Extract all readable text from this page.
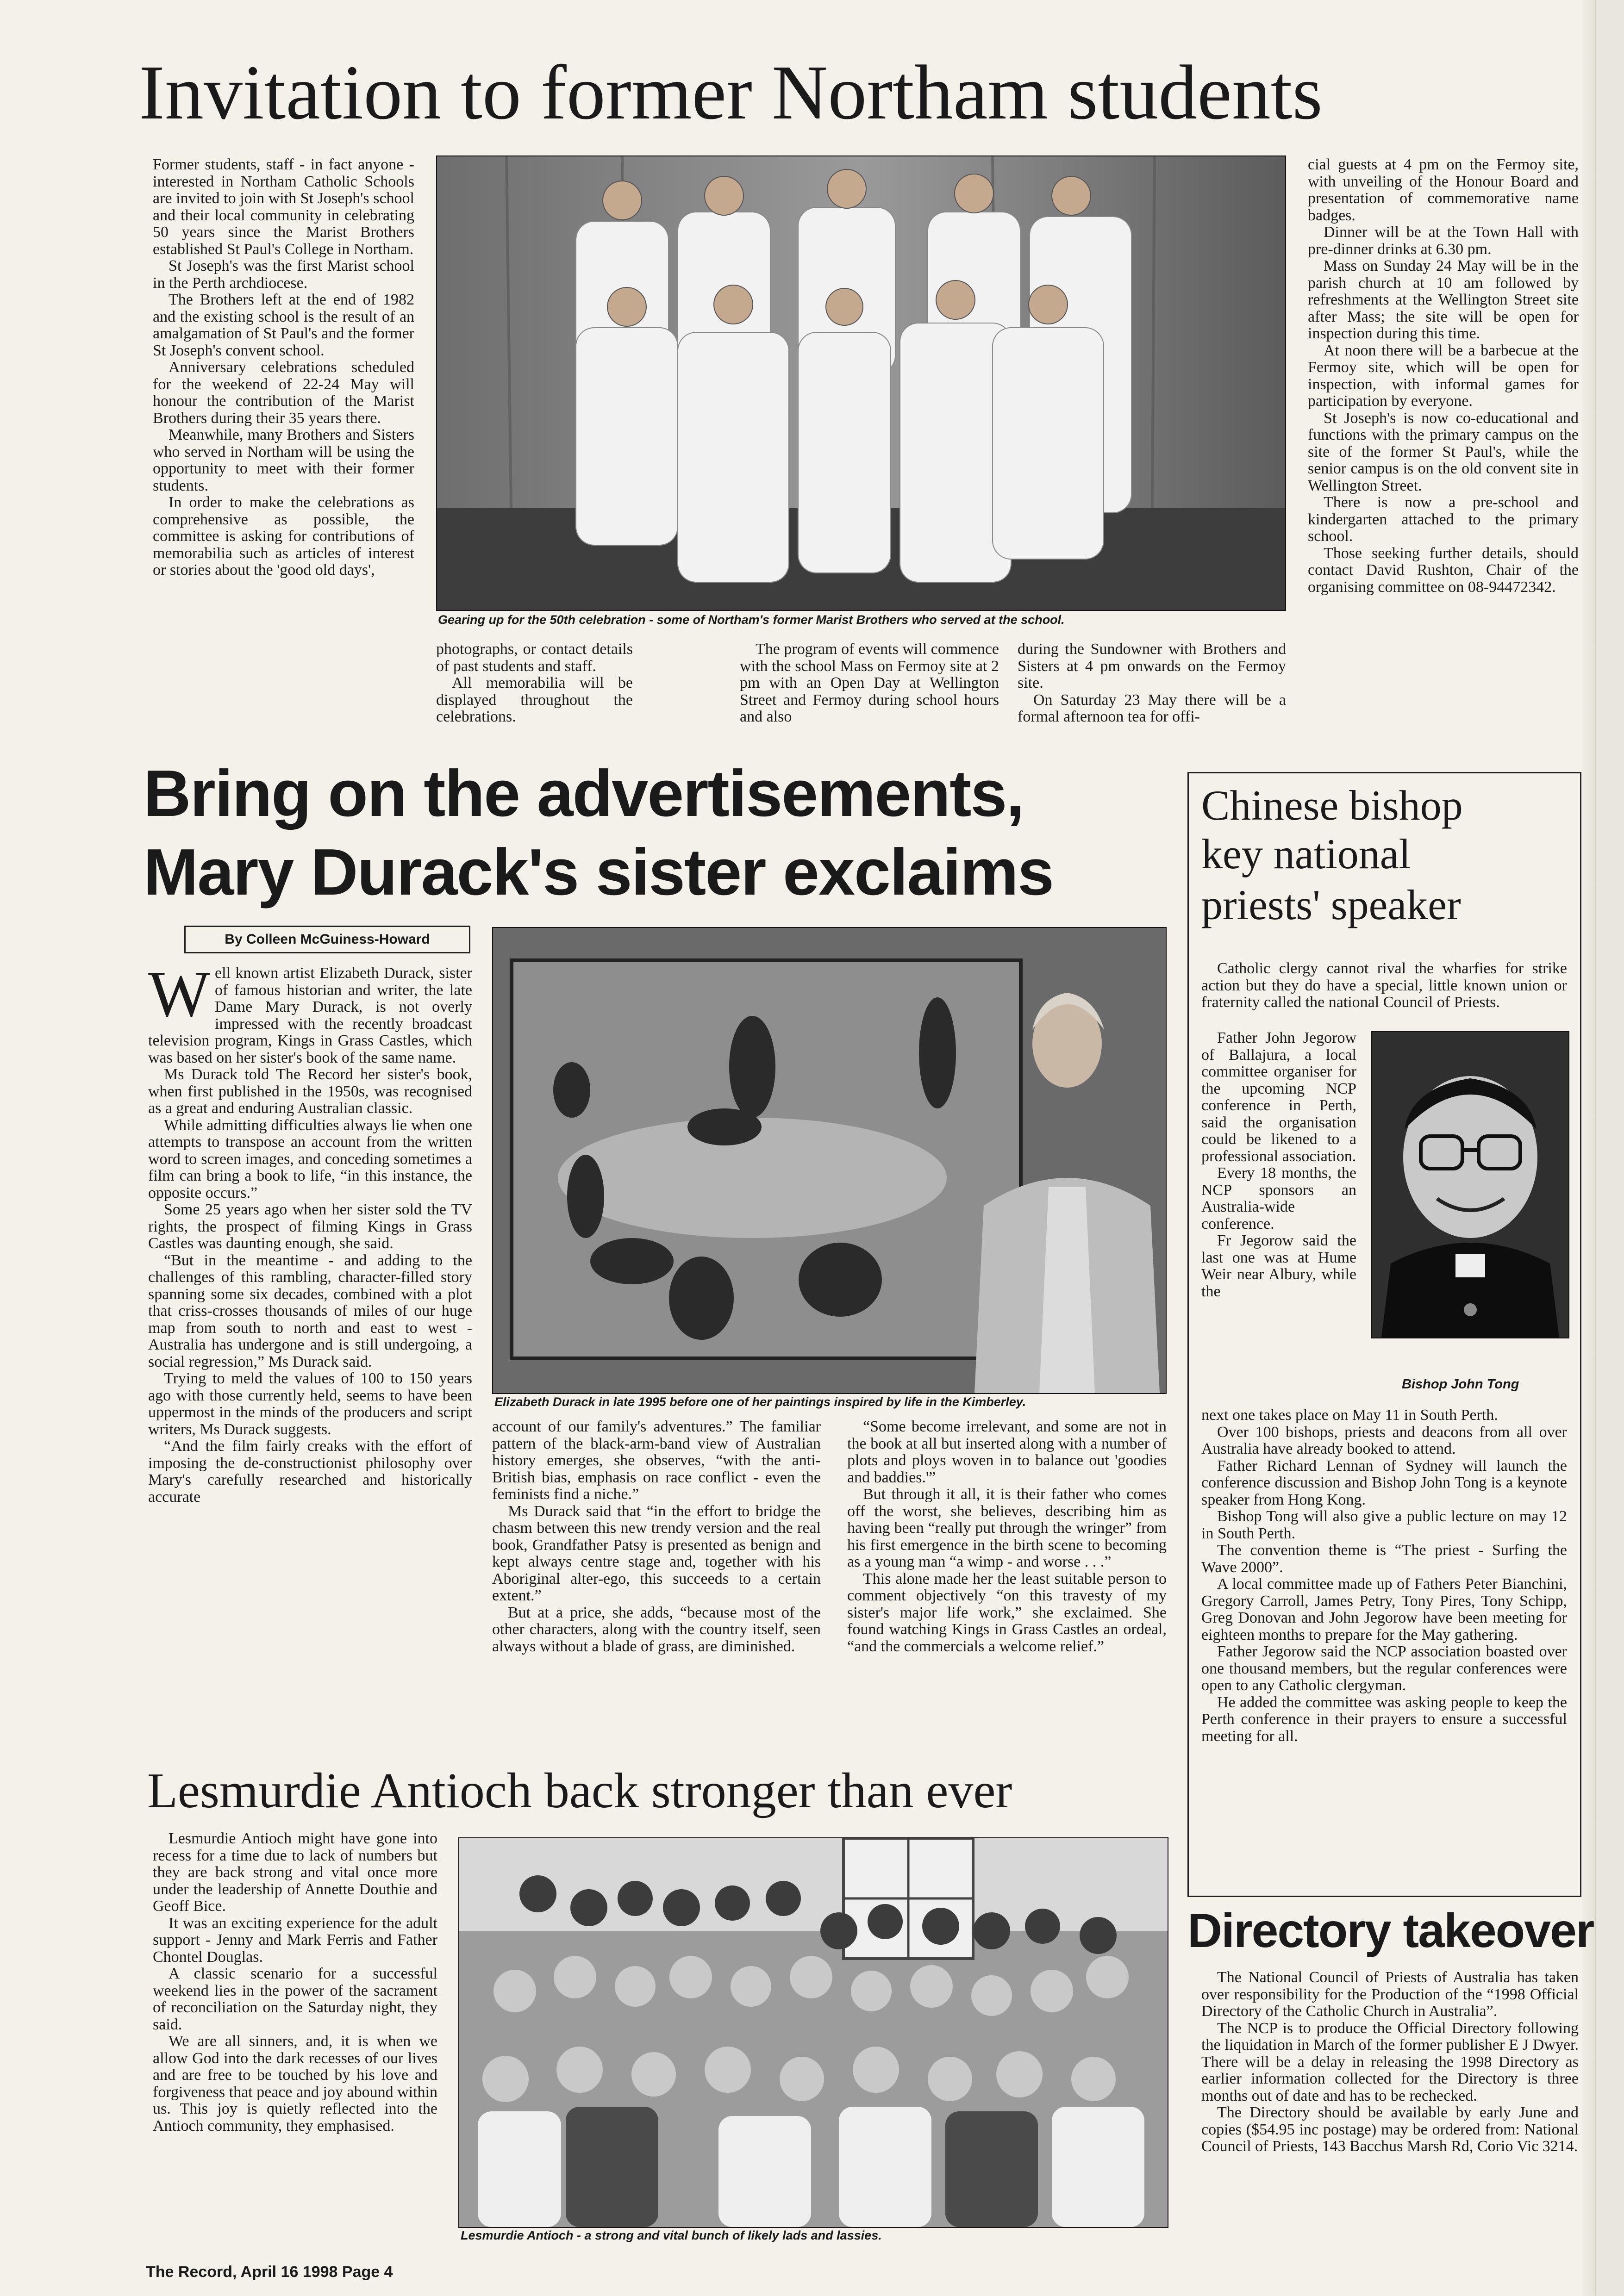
Invitation to former Northam students

Former students, staff - in fact anyone - interested in Northam Catholic Schools are invited to join with St Joseph's school and their local community in celebrating 50 years since the Marist Brothers established St Paul's College in Northam.

St Joseph's was the first Marist school in the Perth archdiocese.

The Brothers left at the end of 1982 and the existing school is the result of an amalgamation of St Paul's and the former St Joseph's convent school.

Anniversary celebrations scheduled for the weekend of 22-24 May will honour the contribution of the Marist Brothers during their 35 years there.

Meanwhile, many Brothers and Sisters who served in Northam will be using the opportunity to meet with their former students.

In order to make the celebrations as comprehensive as possible, the committee is asking for contributions of memorabilia such as articles of interest or stories about the 'good old days',

Gearing up for the 50th celebration - some of Northam's former Marist Brothers who served at the school.

photographs, or contact details of past students and staff.

All memorabilia will be displayed throughout the celebrations.

The program of events will commence with the school Mass on Fermoy site at 2 pm with an Open Day at Wellington Street and Fermoy during school hours and also

during the Sundowner with Brothers and Sisters at 4 pm onwards on the Fermoy site.

On Saturday 23 May there will be a formal afternoon tea for offi-

cial guests at 4 pm on the Fermoy site, with unveiling of the Honour Board and presentation of commemorative name badges.

Dinner will be at the Town Hall with pre-dinner drinks at 6.30 pm.

Mass on Sunday 24 May will be in the parish church at 10 am followed by refreshments at the Wellington Street site after Mass; the site will be open for inspection during this time.

At noon there will be a barbecue at the Fermoy site, which will be open for inspection, with informal games for participation by everyone.

St Joseph's is now co-educational and functions with the primary campus on the site of the former St Paul's, while the senior campus is on the old convent site in Wellington Street.

There is now a pre-school and kindergarten attached to the primary school.

Those seeking further details, should contact David Rushton, Chair of the organising committee on 08-94472342.

Bring on the advertisements,
Mary Durack's sister exclaims
By Colleen McGuiness-Howard
W ell known artist Elizabeth Durack, sister of famous historian and writer, the late Dame Mary Durack, is not overly impressed with the recently broadcast television program, Kings in Grass Castles, which was based on her sister's book of the same name.

Ms Durack told The Record her sister's book, when first published in the 1950s, was recognised as a great and enduring Australian classic.

While admitting difficulties always lie when one attempts to transpose an account from the written word to screen images, and conceding sometimes a film can bring a book to life, “in this instance, the opposite occurs.”

Some 25 years ago when her sister sold the TV rights, the prospect of filming Kings in Grass Castles was daunting enough, she said.

“But in the meantime - and adding to the challenges of this rambling, character-filled story spanning some six decades, combined with a plot that criss-crosses thousands of miles of our huge map from south to north and east to west - Australia has undergone and is still undergoing, a social regression,” Ms Durack said.

Trying to meld the values of 100 to 150 years ago with those currently held, seems to have been uppermost in the minds of the producers and script writers, Ms Durack suggests.

“And the film fairly creaks with the effort of imposing the de-constructionist philosophy over Mary's carefully researched and historically accurate

Elizabeth Durack in late 1995 before one of her paintings inspired by life in the Kimberley.

account of our family's adventures.” The familiar pattern of the black-arm-band view of Australian history emerges, she observes, “with the anti-British bias, emphasis on race conflict - even the feminists find a niche.”

Ms Durack said that “in the effort to bridge the chasm between this new trendy version and the real book, Grandfather Patsy is presented as benign and kept always centre stage and, together with his Aboriginal alter-ego, this succeeds to a certain extent.”

But at a price, she adds, “because most of the other characters, along with the country itself, seen always without a blade of grass, are diminished.

“Some become irrelevant, and some are not in the book at all but inserted along with a number of plots and ploys woven in to balance out 'goodies and baddies.'”

But through it all, it is their father who comes off the worst, she believes, describing him as having been “really put through the wringer” from his first emergence in the birth scene to becoming as a young man “a wimp - and worse . . .”

This alone made her the least suitable person to comment objectively “on this travesty of my sister's major life work,” she exclaimed. She found watching Kings in Grass Castles an ordeal, “and the commercials a welcome relief.”

Chinese bishop
key national
priests' speaker

Catholic clergy cannot rival the wharfies for strike action but they do have a special, little known union or fraternity called the national Council of Priests.

Father John Jegorow of Ballajura, a local committee organiser for the upcoming NCP conference in Perth, said the organisation could be likened to a professional association.

Every 18 months, the NCP sponsors an Australia-wide conference.

Fr Jegorow said the last one was at Hume Weir near Albury, while the

Bishop John Tong

next one takes place on May 11 in South Perth.

Over 100 bishops, priests and deacons from all over Australia have already booked to attend.

Father Richard Lennan of Sydney will launch the conference discussion and Bishop John Tong is a keynote speaker from Hong Kong.

Bishop Tong will also give a public lecture on may 12 in South Perth.

The convention theme is “The priest - Surfing the Wave 2000”.

A local committee made up of Fathers Peter Bianchini, Gregory Carroll, James Petry, Tony Pires, Tony Schipp, Greg Donovan and John Jegorow have been meeting for eighteen months to prepare for the May gathering.

Father Jegorow said the NCP association boasted over one thousand members, but the regular conferences were open to any Catholic clergyman.

He added the committee was asking people to keep the Perth conference in their prayers to ensure a successful meeting for all.

Lesmurdie Antioch back stronger than ever

Lesmurdie Antioch might have gone into recess for a time due to lack of numbers but they are back strong and vital once more under the leadership of Annette Douthie and Geoff Bice.

It was an exciting experience for the adult support - Jenny and Mark Ferris and Father Chontel Douglas.

A classic scenario for a successful weekend lies in the power of the sacrament of reconciliation on the Saturday night, they said.

We are all sinners, and, it is when we allow God into the dark recesses of our lives and are free to be touched by his love and forgiveness that peace and joy abound within us. This joy is quietly reflected into the Antioch community, they emphasised.

Lesmurdie Antioch - a strong and vital bunch of likely lads and lassies.
Directory takeover

The National Council of Priests of Australia has taken over responsibility for the Production of the “1998 Official Directory of the Catholic Church in Australia”.

The NCP is to produce the Official Directory following the liquidation in March of the former publisher E J Dwyer. There will be a delay in releasing the 1998 Directory as earlier information collected for the Directory is three months out of date and has to be rechecked.

The Directory should be available by early June and copies ($54.95 inc postage) may be ordered from: National Council of Priests, 143 Bacchus Marsh Rd, Corio Vic 3214.

The Record, April 16 1998 Page 4
